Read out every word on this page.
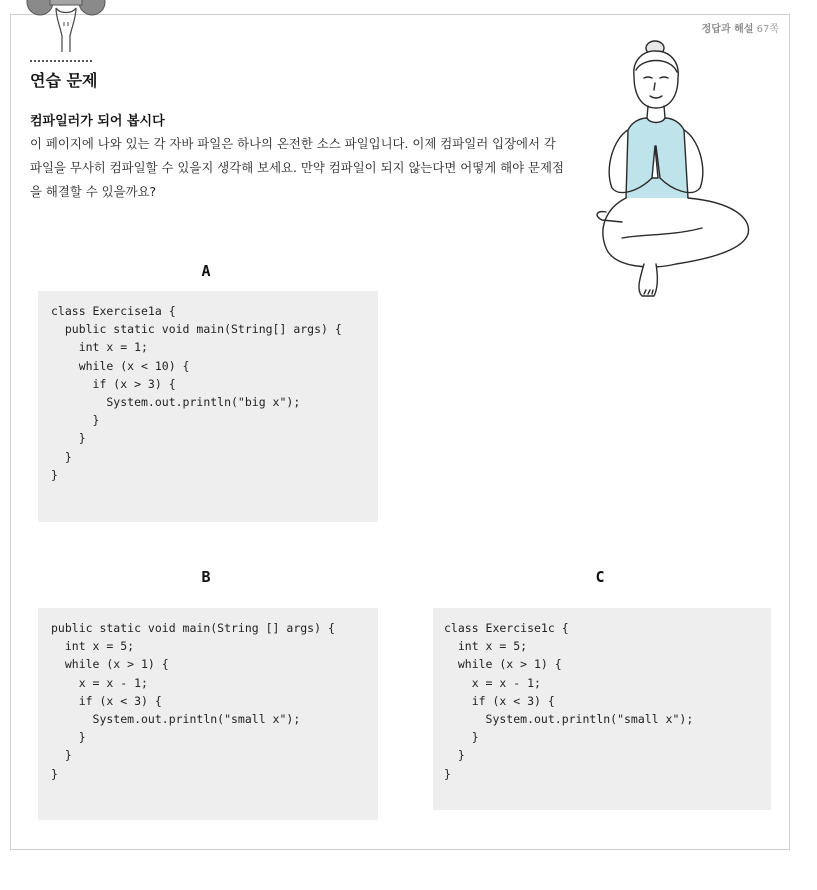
정답과 해설 67쪽
연습 문제
컴파일러가 되어 봅시다

이 페이지에 나와 있는 각 자바 파일은 하나의 온전한 소스 파일입니다. 이제 컴파일러 입장에서 각 파일을 무사히 컴파일할 수 있을지 생각해 보세요. 만약 컴파일이 되지 않는다면 어떻게 해야 문제점을 해결할 수 있을까요?

A
class Exercise1a {
public static void main(String[] args) {
int x = 1;
while (x < 10) {
if (x > 3) {
System.out.println("big x");
}
}
}
}
B
public static void main(String [] args) {
int x = 5;
while (x > 1) {
x = x - 1;
if (x < 3) {
System.out.println("small x");
}
}
}
C
class Exercise1c {
int x = 5;
while (x > 1) {
x = x - 1;
if (x < 3) {
System.out.println("small x");
}
}
}
